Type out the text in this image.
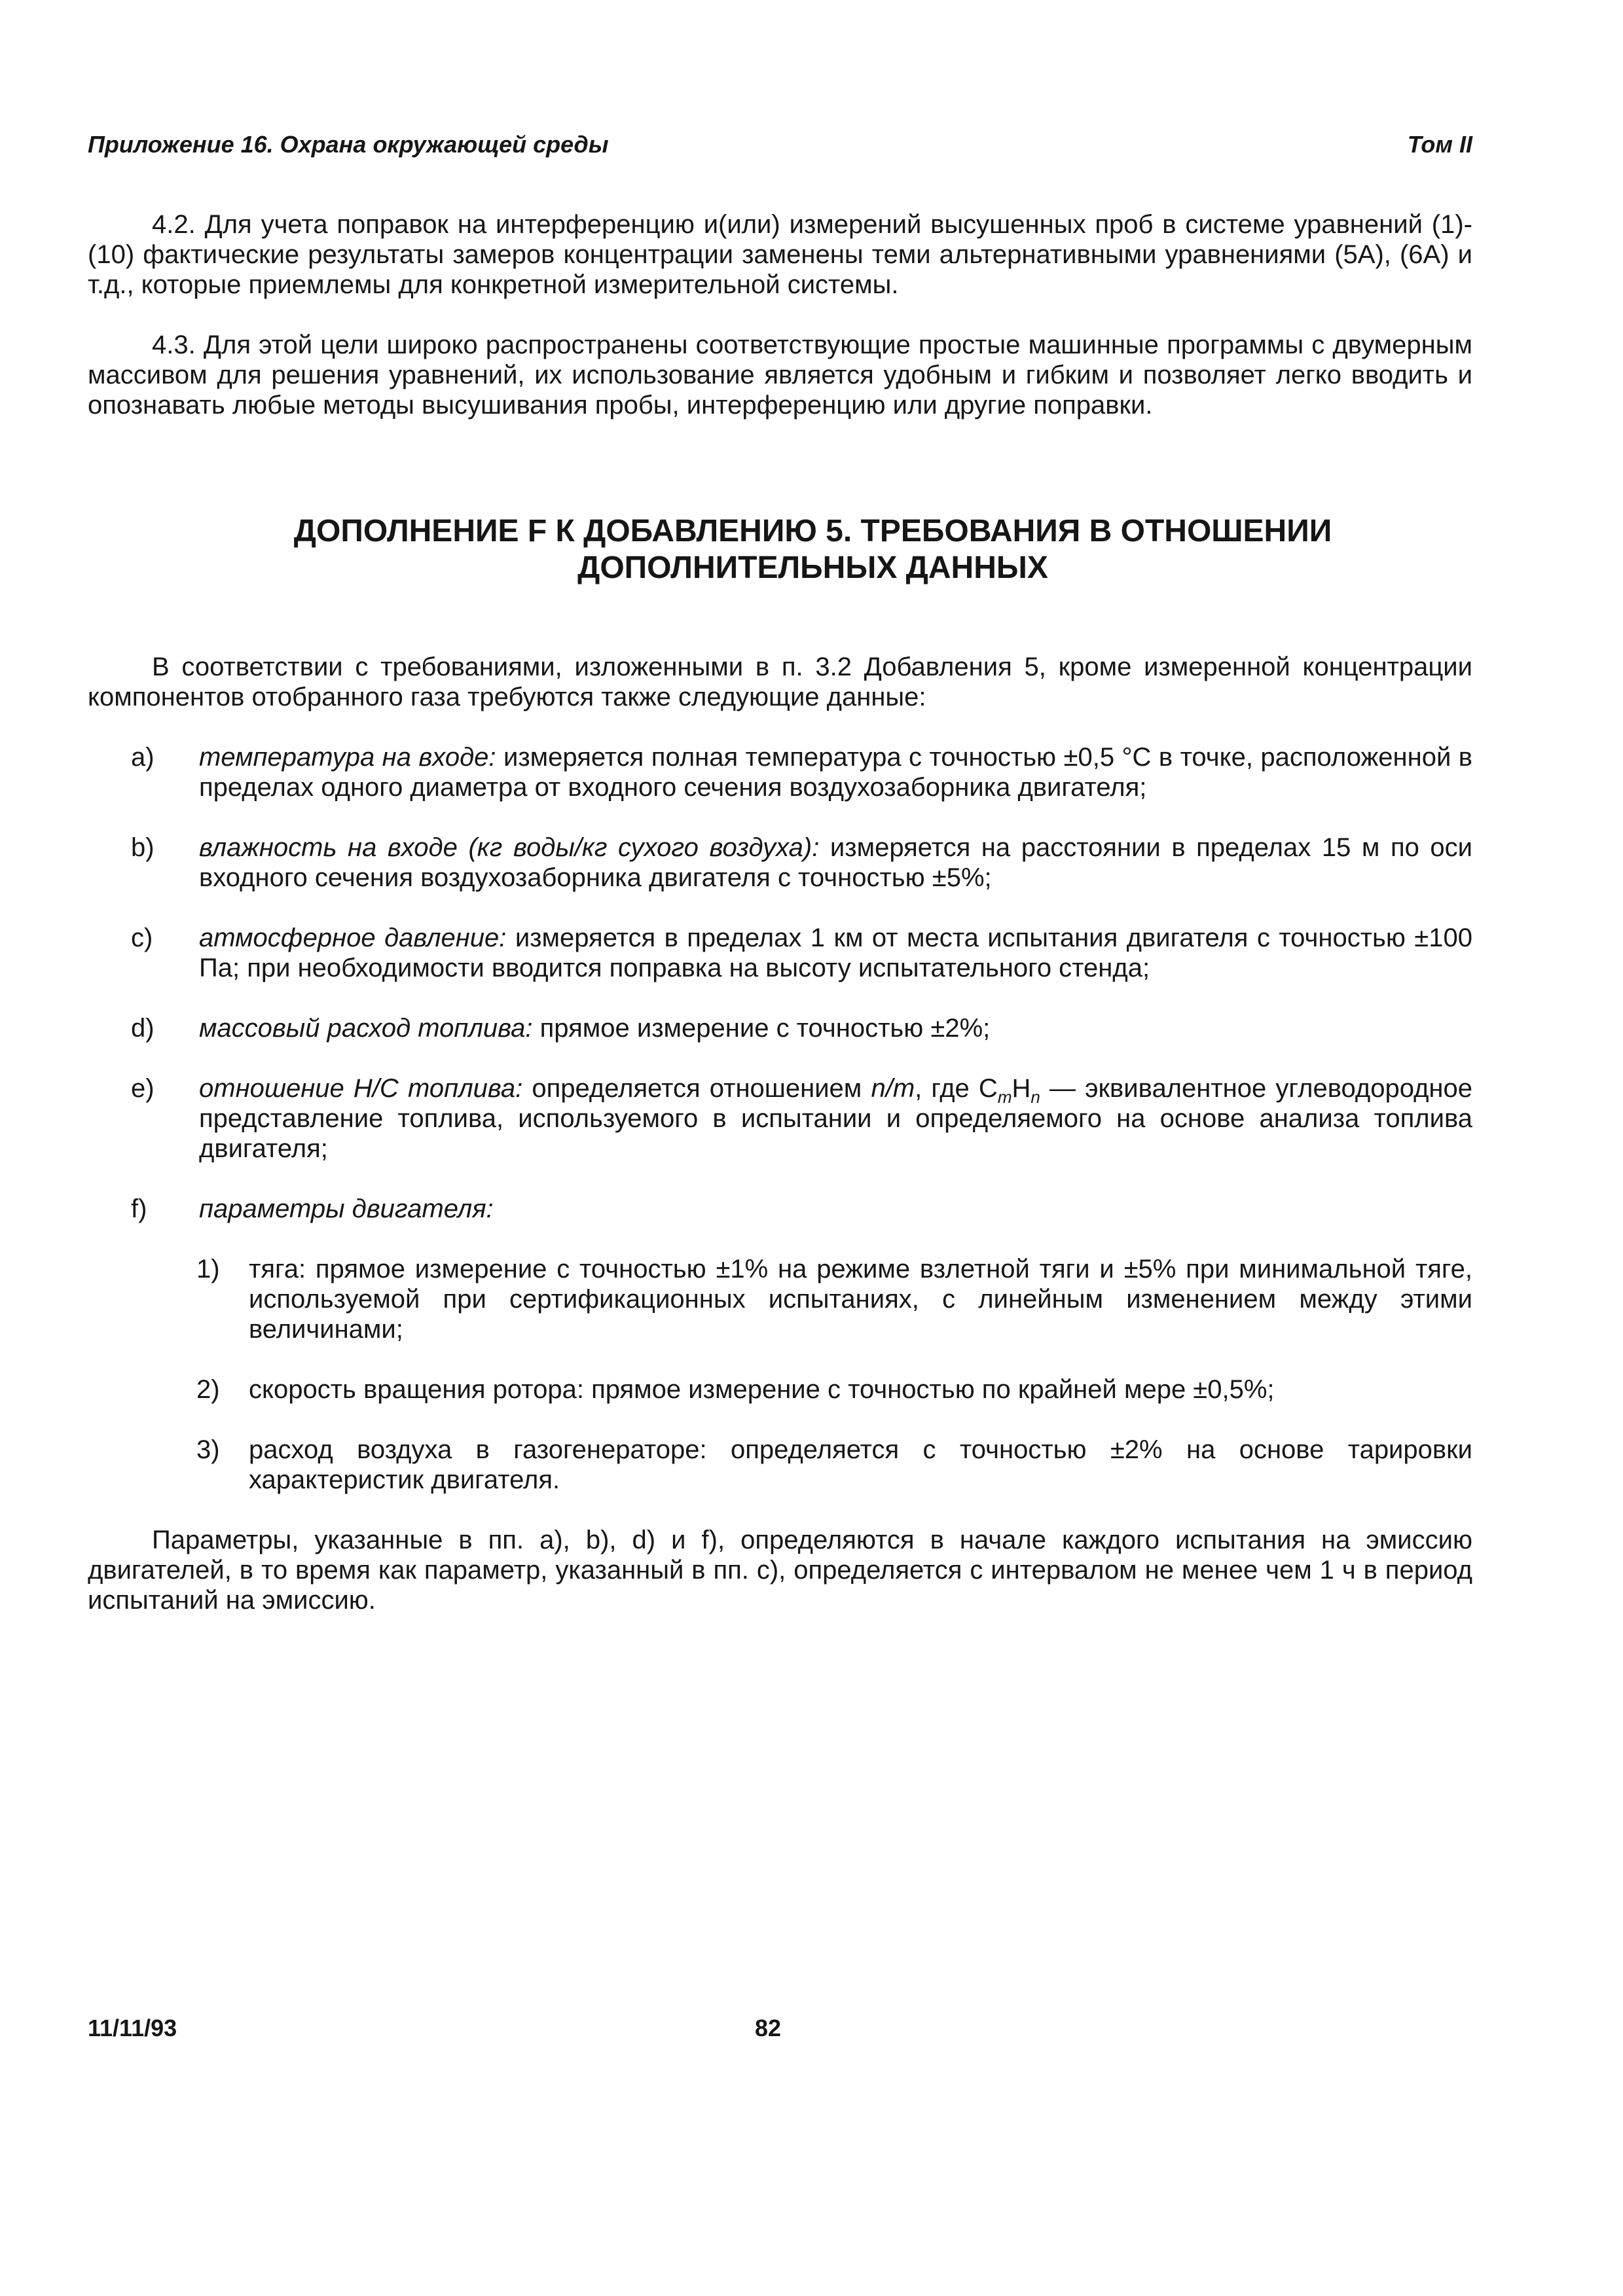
Приложение 16. Охрана окружающей среды	Том II

4.2. Для учета поправок на интерференцию и(или) измерений высушенных проб в системе уравнений (1)-(10) фактические результаты замеров концентрации заменены теми альтернативными уравнениями (5A), (6A) и т.д., которые приемлемы для конкретной измерительной системы.

4.3. Для этой цели широко распространены соответствующие простые машинные программы с двумерным массивом для решения уравнений, их использование является удобным и гибким и позволяет легко вводить и опознавать любые методы высушивания пробы, интерференцию или другие поправки.

ДОПОЛНЕНИЕ F К ДОБАВЛЕНИЮ 5. ТРЕБОВАНИЯ В ОТНОШЕНИИ
ДОПОЛНИТЕЛЬНЫХ ДАННЫХ

В соответствии с требованиями, изложенными в п. 3.2 Добавления 5, кроме измеренной концентрации компонентов отобранного газа требуются также следующие данные:

a) температура на входе: измеряется полная температура с точностью ±0,5 °C в точке, расположенной в пределах одного диаметра от входного сечения воздухозаборника двигателя;
b) влажность на входе (кг воды/кг сухого воздуха): измеряется на расстоянии в пределах 15 м по оси входного сечения воздухозаборника двигателя с точностью ±5%;
c) атмосферное давление: измеряется в пределах 1 км от места испытания двигателя с точностью ±100 Па; при необходимости вводится поправка на высоту испытательного стенда;
d) массовый расход топлива: прямое измерение с точностью ±2%;
e) отношение H/C топлива: определяется отношением n/m, где $C_mH_n$ — эквивалентное углеводородное представление топлива, используемого в испытании и определяемого на основе анализа топлива двигателя;
f) параметры двигателя:
1) тяга: прямое измерение с точностью ±1% на режиме взлетной тяги и ±5% при минимальной тяге, используемой при сертификационных испытаниях, с линейным изменением между этими величинами;
2) скорость вращения ротора: прямое измерение с точностью по крайней мере ±0,5%;
3) расход воздуха в газогенераторе: определяется с точностью ±2% на основе тарировки характеристик двигателя.

Параметры, указанные в пп. a), b), d) и f), определяются в начале каждого испытания на эмиссию двигателей, в то время как параметр, указанный в пп. c), определяется с интервалом не менее чем 1 ч в период испытаний на эмиссию.

11/11/93	82
